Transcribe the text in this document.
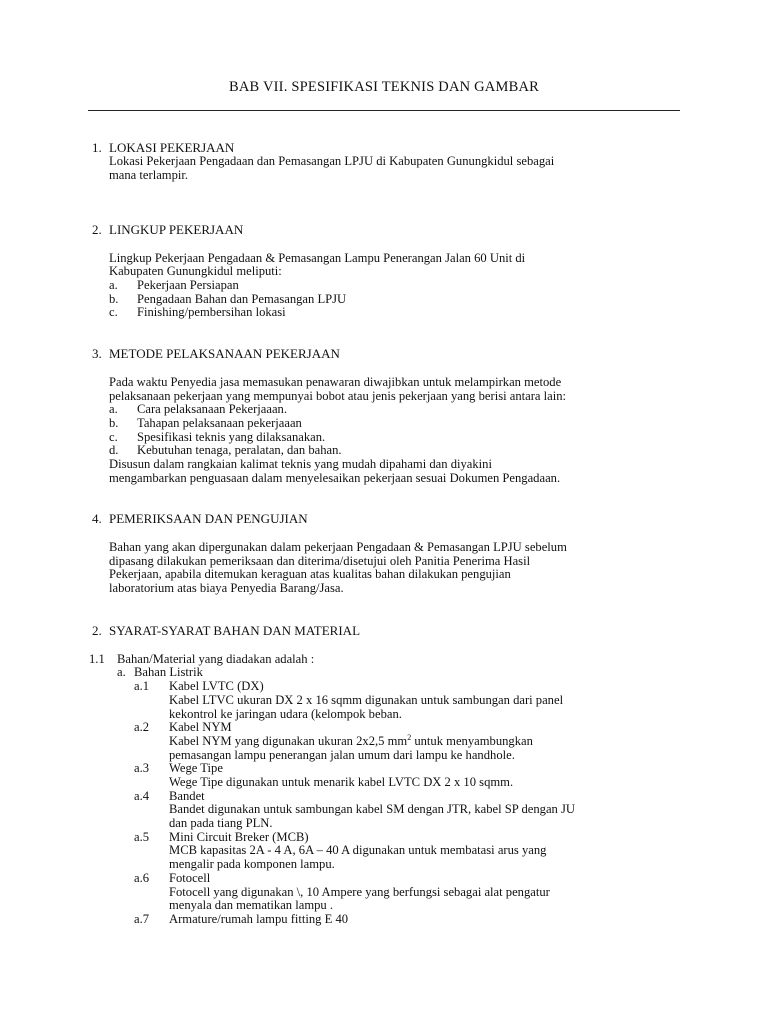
BAB VII. SPESIFIKASI TEKNIS DAN GAMBAR
1. LOKASI PEKERJAAN
Lokasi Pekerjaan Pengadaan dan Pemasangan LPJU di Kabupaten Gunungkidul sebagai
mana terlampir.
2. LINGKUP PEKERJAAN
Lingkup Pekerjaan Pengadaan & Pemasangan Lampu Penerangan Jalan 60 Unit di
Kabupaten Gunungkidul meliputi:
a. Pekerjaan Persiapan
b. Pengadaan Bahan dan Pemasangan LPJU
c. Finishing/pembersihan lokasi
3. METODE PELAKSANAAN PEKERJAAN
Pada waktu Penyedia jasa memasukan penawaran diwajibkan untuk melampirkan metode
pelaksanaan pekerjaan yang mempunyai bobot atau jenis pekerjaan yang berisi antara lain:
a. Cara pelaksanaan Pekerjaaan.
b. Tahapan pelaksanaan pekerjaaan
c. Spesifikasi teknis yang dilaksanakan.
d. Kebutuhan tenaga, peralatan, dan bahan.
Disusun dalam rangkaian kalimat teknis yang mudah dipahami dan diyakini
mengambarkan penguasaan dalam menyelesaikan pekerjaan sesuai Dokumen Pengadaan.
4. PEMERIKSAAN DAN PENGUJIAN
Bahan yang akan dipergunakan dalam pekerjaan Pengadaan & Pemasangan LPJU sebelum
dipasang dilakukan pemeriksaan dan diterima/disetujui oleh Panitia Penerima Hasil
Pekerjaan, apabila ditemukan keraguan atas kualitas bahan dilakukan pengujian
laboratorium atas biaya Penyedia Barang/Jasa.
2. SYARAT-SYARAT BAHAN DAN MATERIAL
1.1 Bahan/Material yang diadakan adalah :
a. Bahan Listrik
a.1 Kabel LVTC (DX)
Kabel LTVC ukuran DX 2 x 16 sqmm digunakan untuk sambungan dari panel
kekontrol ke jaringan udara (kelompok beban.
a.2 Kabel NYM
Kabel NYM yang digunakan ukuran 2x2,5 $mm^2$ untuk menyambungkan
pemasangan lampu penerangan jalan umum dari lampu ke handhole.
a.3 Wege Tipe
Wege Tipe digunakan untuk menarik kabel LVTC DX 2 x 10 sqmm.
a.4 Bandet
Bandet digunakan untuk sambungan kabel SM dengan JTR, kabel SP dengan JU
dan pada tiang PLN.
a.5 Mini Circuit Breker (MCB)
MCB kapasitas 2A - 4 A, 6A – 40 A digunakan untuk membatasi arus yang
mengalir pada komponen lampu.
a.6 Fotocell
Fotocell yang digunakan \, 10 Ampere yang berfungsi sebagai alat pengatur
menyala dan mematikan lampu .
a.7 Armature/rumah lampu fitting E 40
